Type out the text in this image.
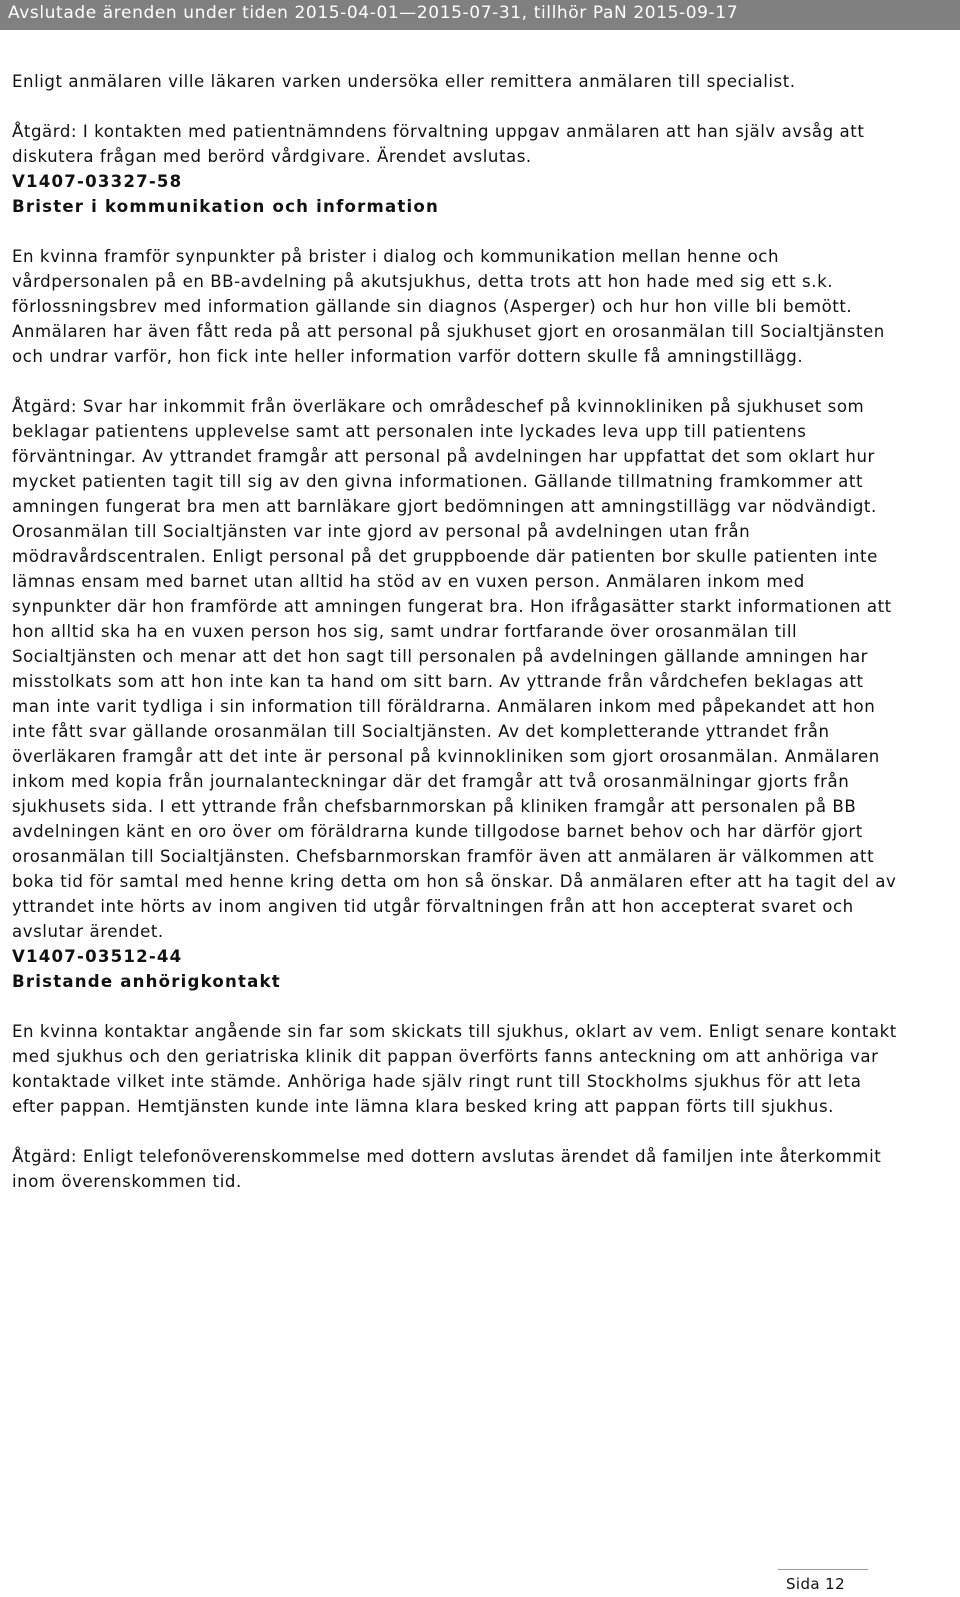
Avslutade ärenden under tiden 2015-04-01—2015-07-31, tillhör PaN 2015-09-17

Enligt anmälaren ville läkaren varken undersöka eller remittera anmälaren till specialist.

Åtgärd: I kontakten med patientnämndens förvaltning uppgav anmälaren att han själv avsåg att diskutera frågan med berörd vårdgivare. Ärendet avslutas.

V1407-03327-58
Brister i kommunikation och information

En kvinna framför synpunkter på brister i dialog och kommunikation mellan henne och vårdpersonalen på en BB-avdelning på akutsjukhus, detta trots att hon hade med sig ett s.k. förlossningsbrev med information gällande sin diagnos (Asperger) och hur hon ville bli bemött. Anmälaren har även fått reda på att personal på sjukhuset gjort en orosanmälan till Socialtjänsten och undrar varför, hon fick inte heller information varför dottern skulle få amningstillägg.

Åtgärd: Svar har inkommit från överläkare och områdeschef på kvinnokliniken på sjukhuset som beklagar patientens upplevelse samt att personalen inte lyckades leva upp till patientens förväntningar. Av yttrandet framgår att personal på avdelningen har uppfattat det som oklart hur mycket patienten tagit till sig av den givna informationen. Gällande tillmatning framkommer att amningen fungerat bra men att barnläkare gjort bedömningen att amningstillägg var nödvändigt. Orosanmälan till Socialtjänsten var inte gjord av personal på avdelningen utan från mödravårdscentralen. Enligt personal på det gruppboende där patienten bor skulle patienten inte lämnas ensam med barnet utan alltid ha stöd av en vuxen person. Anmälaren inkom med synpunkter där hon framförde att amningen fungerat bra. Hon ifrågasätter starkt informationen att hon alltid ska ha en vuxen person hos sig, samt undrar fortfarande över orosanmälan till Socialtjänsten och menar att det hon sagt till personalen på avdelningen gällande amningen har misstolkats som att hon inte kan ta hand om sitt barn. Av yttrande från vårdchefen beklagas att man inte varit tydliga i sin information till föräldrarna. Anmälaren inkom med påpekandet att hon inte fått svar gällande orosanmälan till Socialtjänsten. Av det kompletterande yttrandet från överläkaren framgår att det inte är personal på kvinnokliniken som gjort orosanmälan. Anmälaren inkom med kopia från journalanteckningar där det framgår att två orosanmälningar gjorts från sjukhusets sida. I ett yttrande från chefsbarnmorskan på kliniken framgår att personalen på BB avdelningen känt en oro över om föräldrarna kunde tillgodose barnet behov och har därför gjort orosanmälan till Socialtjänsten. Chefsbarnmorskan framför även att anmälaren är välkommen att boka tid för samtal med henne kring detta om hon så önskar. Då anmälaren efter att ha tagit del av yttrandet inte hörts av inom angiven tid utgår förvaltningen från att hon accepterat svaret och avslutar ärendet.

V1407-03512-44
Bristande anhörigkontakt

En kvinna kontaktar angående sin far som skickats till sjukhus, oklart av vem. Enligt senare kontakt med sjukhus och den geriatriska klinik dit pappan överförts fanns anteckning om att anhöriga var kontaktade vilket inte stämde. Anhöriga hade själv ringt runt till Stockholms sjukhus för att leta efter pappan. Hemtjänsten kunde inte lämna klara besked kring att pappan förts till sjukhus.

Åtgärd: Enligt telefonöverenskommelse med dottern avslutas ärendet då familjen inte återkommit inom överenskommen tid.

Sida 12
